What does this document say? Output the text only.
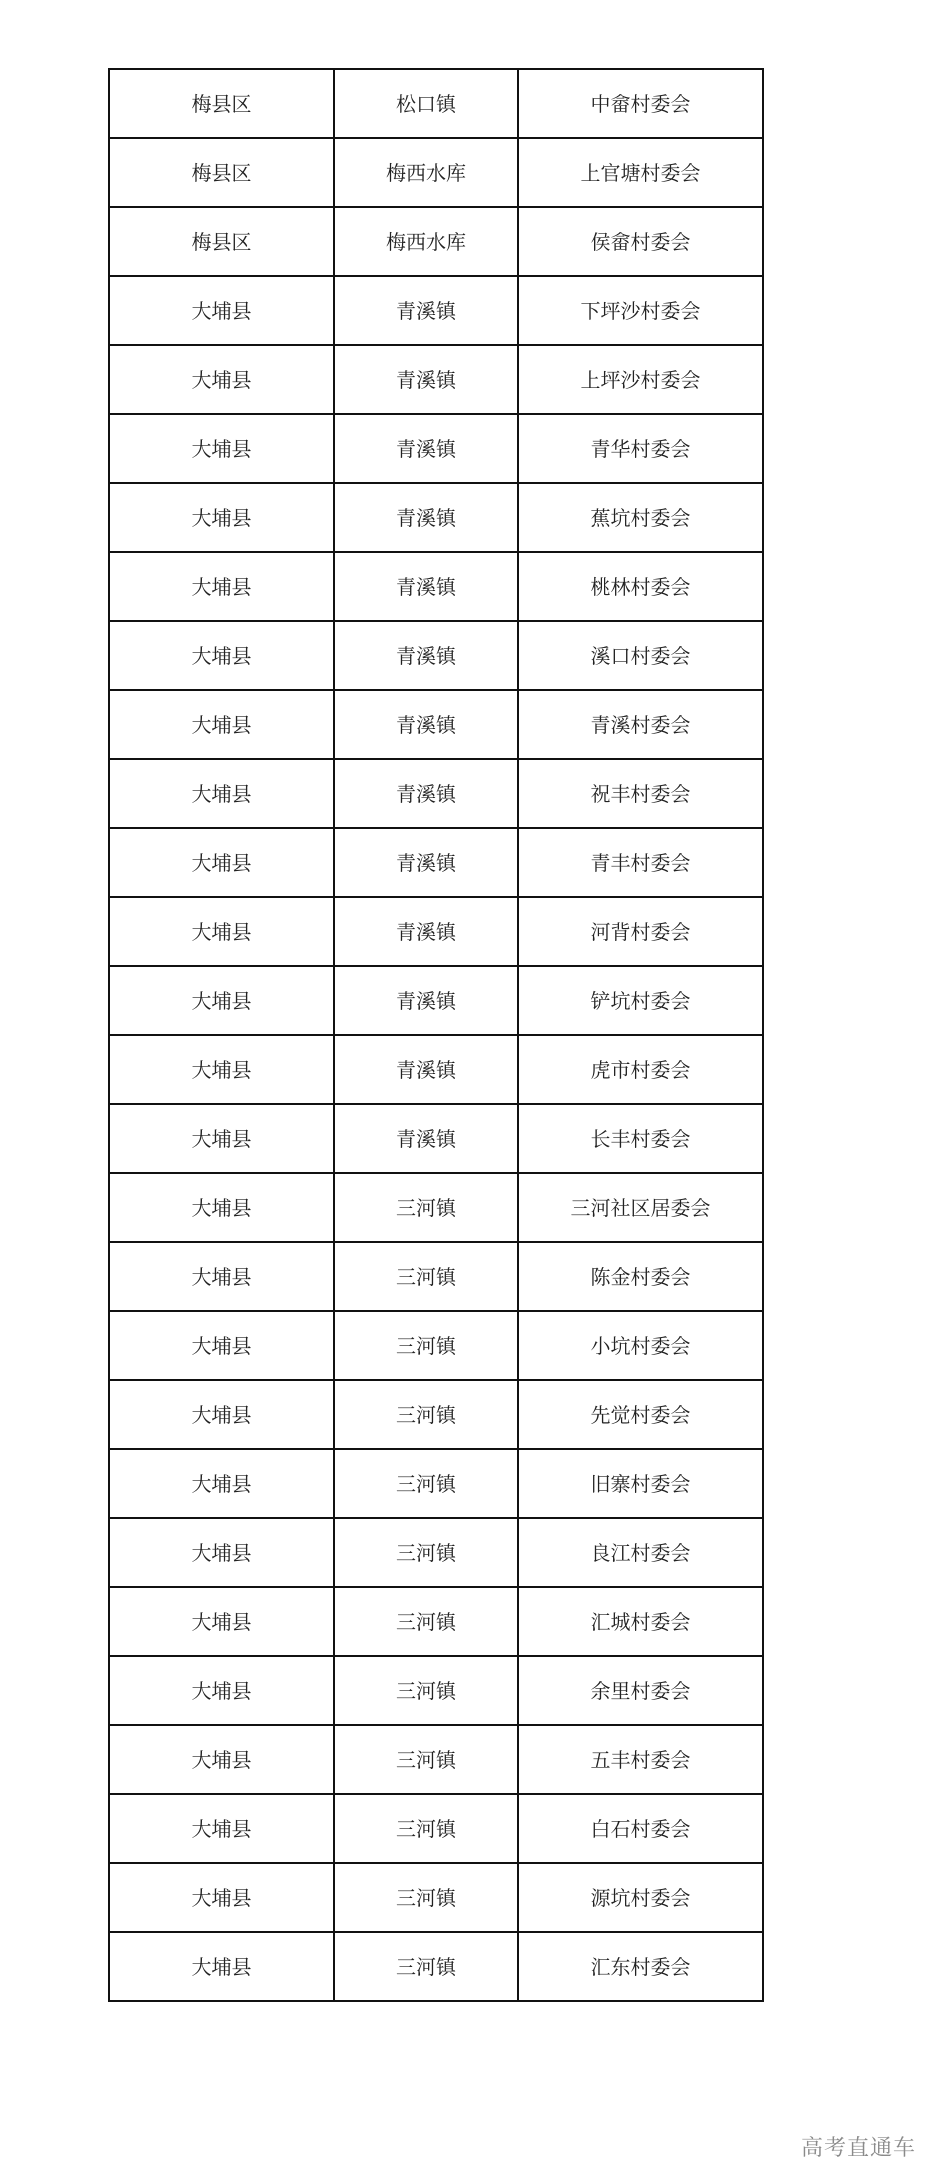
梅县区	松口镇	中畲村委会
梅县区	梅西水库	上官塘村委会
梅县区	梅西水库	侯畲村委会
大埔县	青溪镇	下坪沙村委会
大埔县	青溪镇	上坪沙村委会
大埔县	青溪镇	青华村委会
大埔县	青溪镇	蕉坑村委会
大埔县	青溪镇	桃林村委会
大埔县	青溪镇	溪口村委会
大埔县	青溪镇	青溪村委会
大埔县	青溪镇	祝丰村委会
大埔县	青溪镇	青丰村委会
大埔县	青溪镇	河背村委会
大埔县	青溪镇	铲坑村委会
大埔县	青溪镇	虎市村委会
大埔县	青溪镇	长丰村委会
大埔县	三河镇	三河社区居委会
大埔县	三河镇	陈金村委会
大埔县	三河镇	小坑村委会
大埔县	三河镇	先觉村委会
大埔县	三河镇	旧寨村委会
大埔县	三河镇	良江村委会
大埔县	三河镇	汇城村委会
大埔县	三河镇	余里村委会
大埔县	三河镇	五丰村委会
大埔县	三河镇	白石村委会
大埔县	三河镇	源坑村委会
大埔县	三河镇	汇东村委会
高考直通车
